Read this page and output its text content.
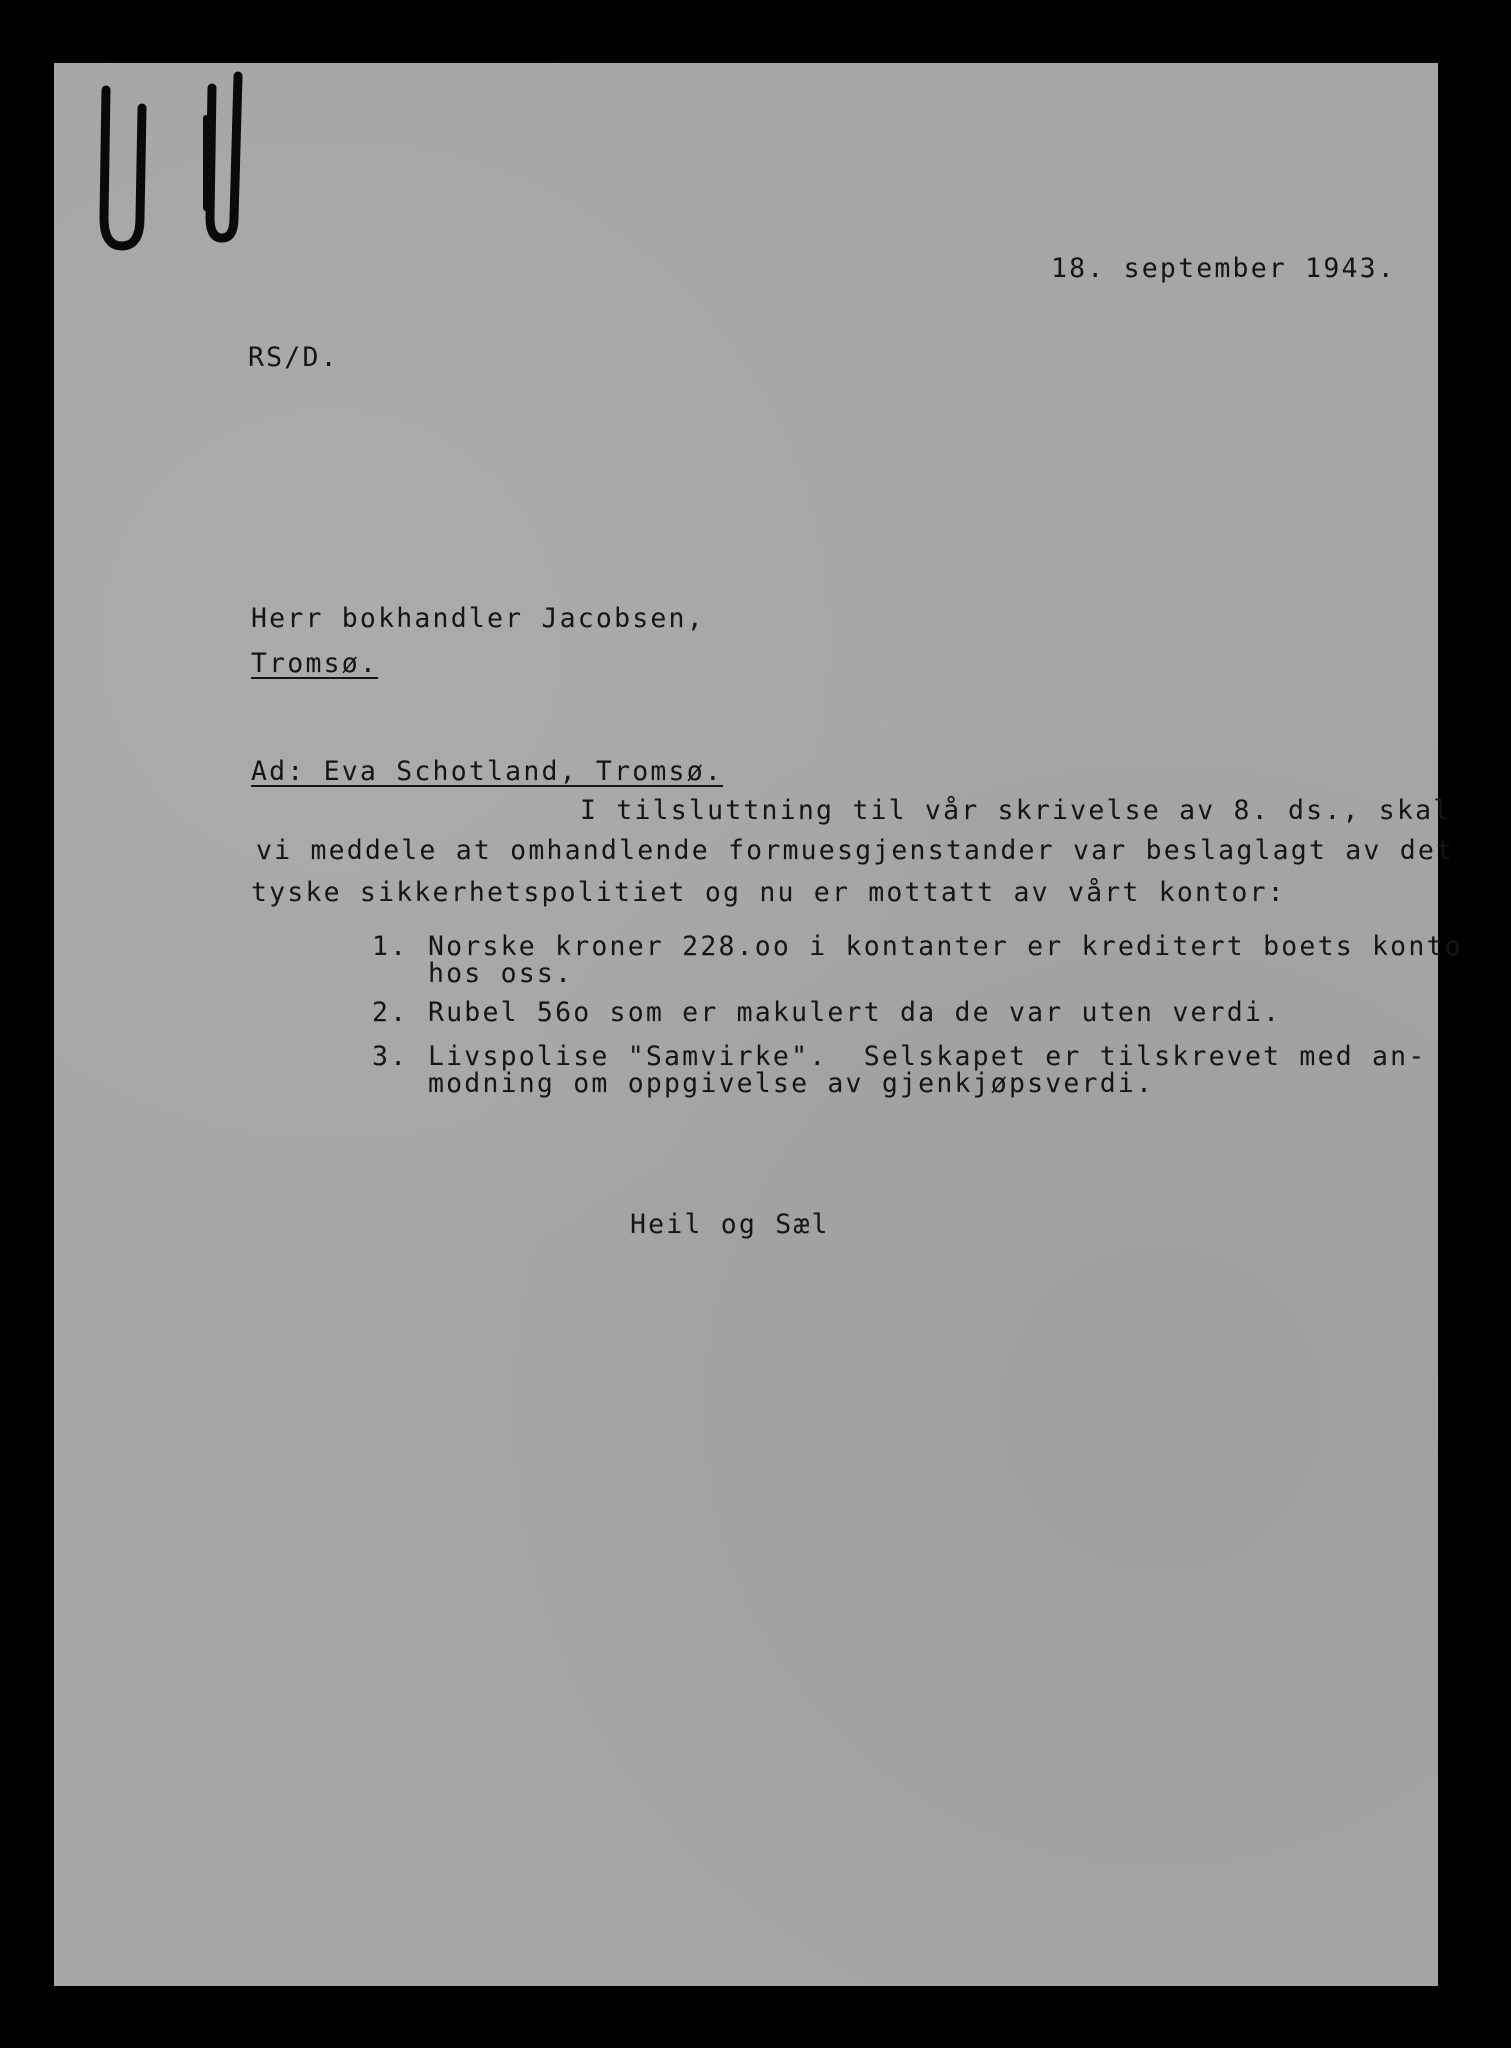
18. september 1943.

RS/D.

Herr bokhandler Jacobsen,

Tromsø.

Ad: Eva Schotland, Tromsø.

I tilsluttning til vår skrivelse av 8. ds., skal

vi meddele at omhandlende formuesgjenstander var beslaglagt av det

tyske sikkerhetspolitiet og nu er mottatt av vårt kontor:

1. Norske kroner 228.oo i kontanter er kreditert boets konto

hos oss.

2. Rubel 56o som er makulert da de var uten verdi.

3. Livspolise "Samvirke".  Selskapet er tilskrevet med an-

modning om oppgivelse av gjenkjøpsverdi.

Heil og Sæl
